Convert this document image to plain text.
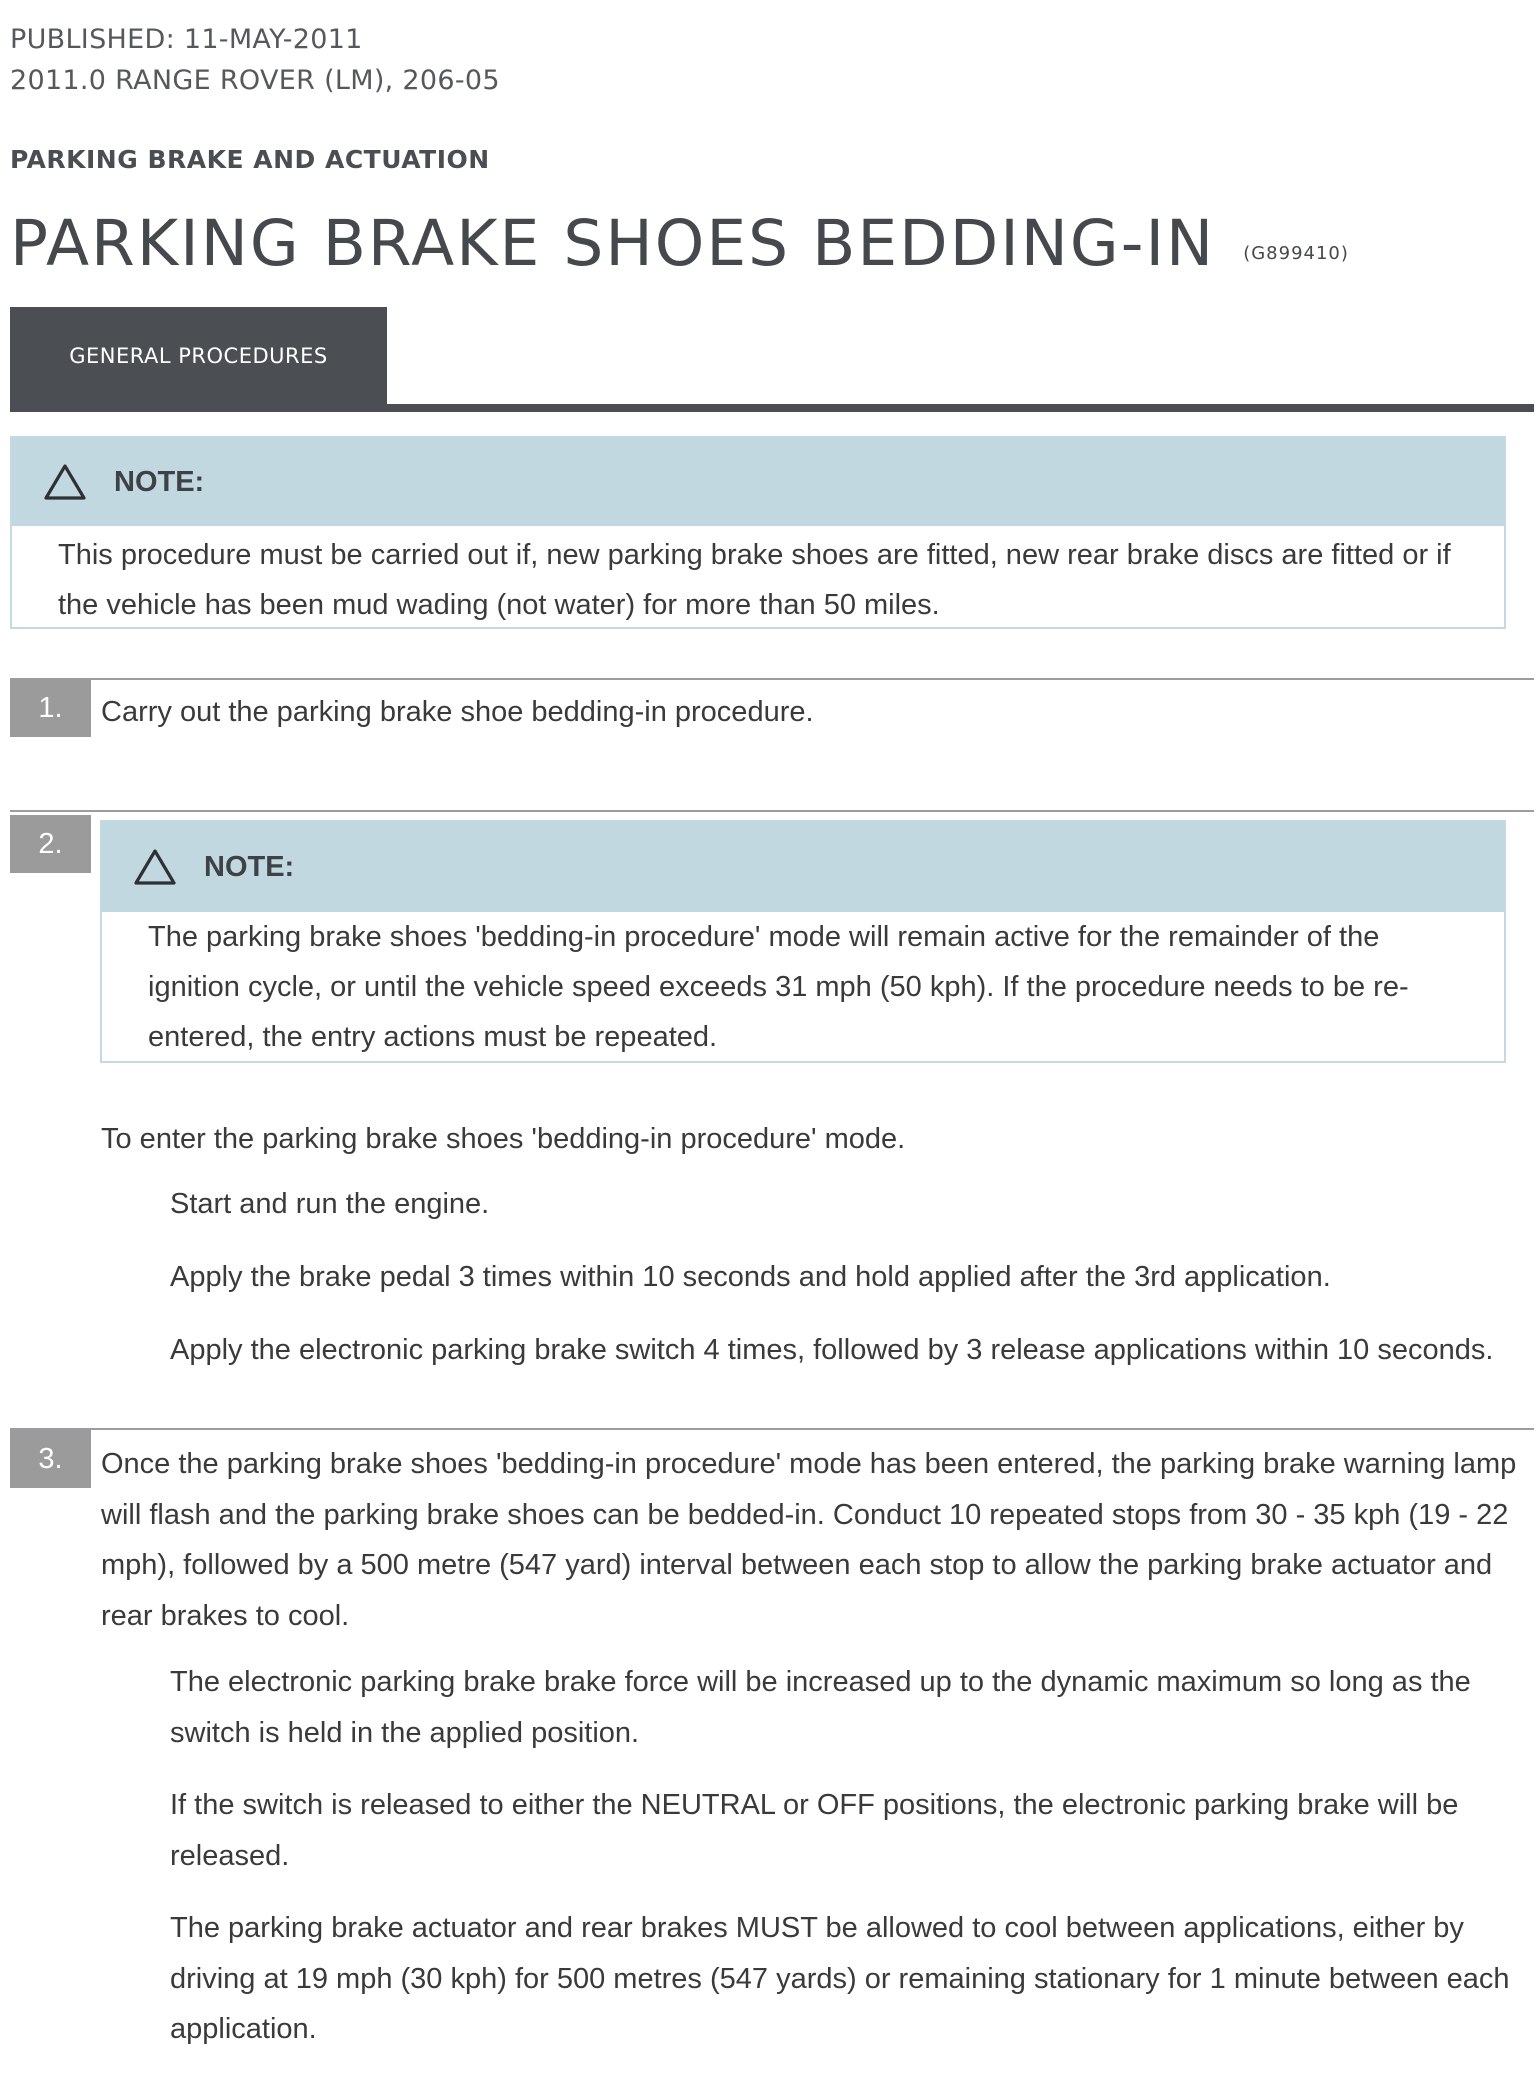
PUBLISHED: 11-MAY-2011
2011.0 RANGE ROVER (LM), 206-05
PARKING BRAKE AND ACTUATION
PARKING BRAKE SHOES BEDDING-IN (G899410)
GENERAL PROCEDURES
NOTE:
This procedure must be carried out if, new parking brake shoes are fitted, new rear brake discs are fitted or if the vehicle has been mud wading (not water) for more than 50 miles.
1.	Carry out the parking brake shoe bedding-in procedure.
2.
NOTE:
The parking brake shoes 'bedding-in procedure' mode will remain active for the remainder of the ignition cycle, or until the vehicle speed exceeds 31 mph (50 kph). If the procedure needs to be re-entered, the entry actions must be repeated.
To enter the parking brake shoes 'bedding-in procedure' mode.
Start and run the engine.
Apply the brake pedal 3 times within 10 seconds and hold applied after the 3rd application.
Apply the electronic parking brake switch 4 times, followed by 3 release applications within 10 seconds.
3.	Once the parking brake shoes 'bedding-in procedure' mode has been entered, the parking brake warning lamp will flash and the parking brake shoes can be bedded-in. Conduct 10 repeated stops from 30 - 35 kph (19 - 22 mph), followed by a 500 metre (547 yard) interval between each stop to allow the parking brake actuator and rear brakes to cool.
The electronic parking brake brake force will be increased up to the dynamic maximum so long as the switch is held in the applied position.
If the switch is released to either the NEUTRAL or OFF positions, the electronic parking brake will be released.
The parking brake actuator and rear brakes MUST be allowed to cool between applications, either by driving at 19 mph (30 kph) for 500 metres (547 yards) or remaining stationary for 1 minute between each application.
